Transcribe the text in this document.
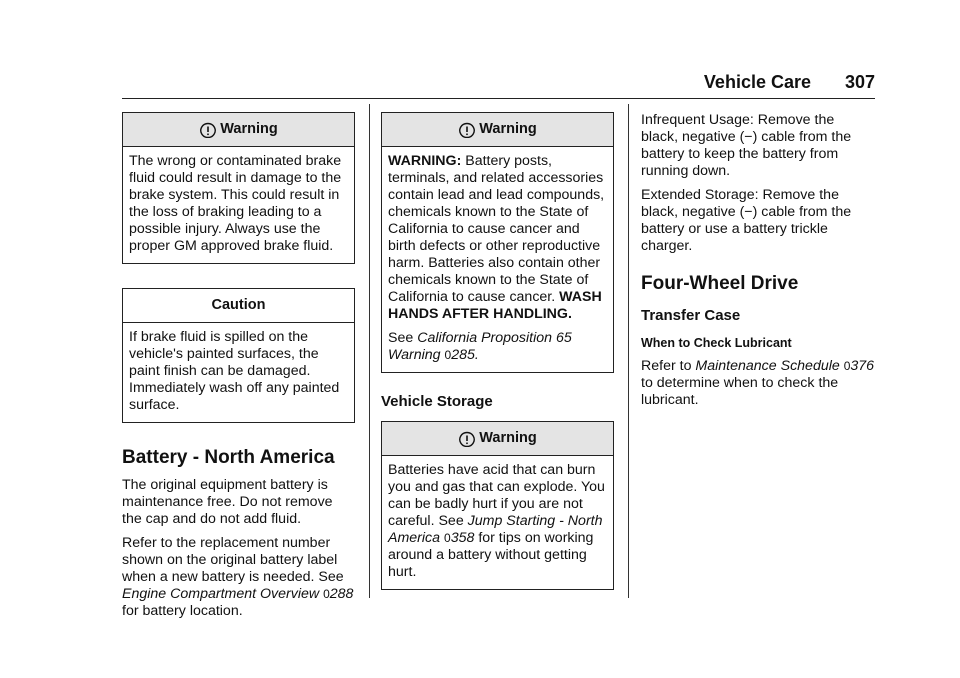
Vehicle Care 307
Warning

The wrong or contaminated brake fluid could result in damage to the brake system. This could result in the loss of braking leading to a possible injury. Always use the proper GM approved brake fluid.

Caution

If brake fluid is spilled on the vehicle's painted surfaces, the paint finish can be damaged. Immediately wash off any painted surface.

Battery - North America

The original equipment battery is maintenance free. Do not remove the cap and do not add fluid.

Refer to the replacement number shown on the original battery label when a new battery is needed. See Engine Compartment Overview 0288 for battery location.

Warning

WARNING: Battery posts, terminals, and related accessories contain lead and lead compounds, chemicals known to the State of California to cause cancer and birth defects or other reproductive harm. Batteries also contain other chemicals known to the State of California to cause cancer. WASH HANDS AFTER HANDLING.

See California Proposition 65 Warning 0285.

Vehicle Storage
Warning

Batteries have acid that can burn you and gas that can explode. You can be badly hurt if you are not careful. See Jump Starting - North America 0358 for tips on working around a battery without getting hurt.

Infrequent Usage: Remove the black, negative (−) cable from the battery to keep the battery from running down.

Extended Storage: Remove the black, negative (−) cable from the battery or use a battery trickle charger.

Four-Wheel Drive
Transfer Case
When to Check Lubricant

Refer to Maintenance Schedule 0376 to determine when to check the lubricant.
